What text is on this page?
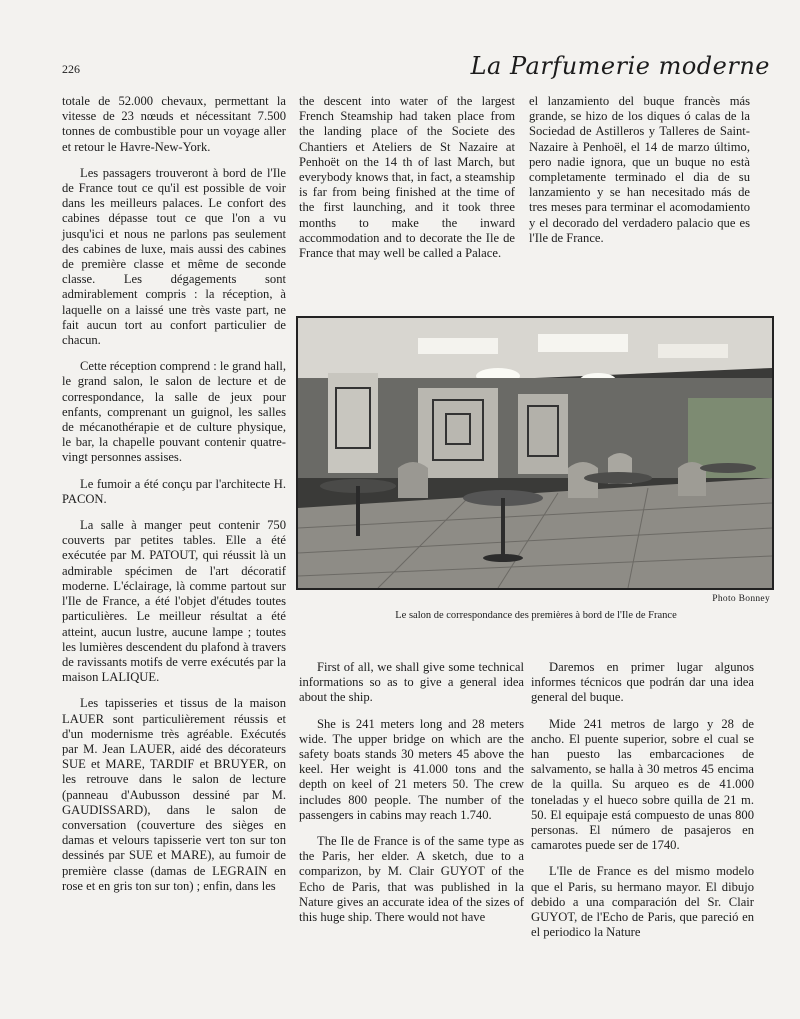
226	La Parfumerie moderne

totale de 52.000 chevaux, permettant la vitesse de 23 nœuds et nécessitant 7.500 tonnes de combustible pour un voyage aller et retour le Havre-New-York.

Les passagers trouveront à bord de l'Ile de France tout ce qu'il est possible de voir dans les meilleurs palaces. Le confort des cabines dépasse tout ce que l'on a vu jusqu'ici et nous ne parlons pas seulement des cabines de luxe, mais aussi des cabines de première classe et même de seconde classe. Les dégagements sont admirablement compris : la réception, à laquelle on a laissé une très vaste part, ne fait aucun tort au confort particulier de chacun.

Cette réception comprend : le grand hall, le grand salon, le salon de lecture et de correspondance, la salle de jeux pour enfants, comprenant un guignol, les salles de mécanothérapie et de culture physique, le bar, la chapelle pouvant contenir quatre-vingt personnes assises.

Le fumoir a été conçu par l'architecte H. PACON.

La salle à manger peut contenir 750 couverts par petites tables. Elle a été exécutée par M. PATOUT, qui réussit là un admirable spécimen de l'art décoratif moderne. L'éclairage, là comme partout sur l'Ile de France, a été l'objet d'études toutes particulières. Le meilleur résultat a été atteint, aucun lustre, aucune lampe ; toutes les lumières descendent du plafond à travers de ravissants motifs de verre exécutés par la maison LALIQUE.

Les tapisseries et tissus de la maison LAUER sont particulièrement réussis et d'un modernisme très agréable. Exécutés par M. Jean LAUER, aidé des décorateurs SUE et MARE, TARDIF et BRUYER, on les retrouve dans le salon de lecture (panneau d'Aubusson dessiné par M. GAUDISSARD), dans le salon de conversation (couverture des sièges en damas et velours tapisserie vert ton sur ton dessinés par SUE et MARE), au fumoir de première classe (damas de LEGRAIN en rose et en gris ton sur ton) ; enfin, dans les

the descent into water of the largest French Steamship had taken place from the landing place of the Societe des Chantiers et Ateliers de St Nazaire at Penhoët on the 14 th of last March, but everybody knows that, in fact, a steamship is far from being finished at the time of the first launching, and it took three months to make the inward accommodation and to decorate the Ile de France that may well be called a Palace.

el lanzamiento del buque francès más grande, se hizo de los diques ó calas de la Sociedad de Astilleros y Talleres de Saint-Nazaire à Penhoël, el 14 de marzo último, pero nadie ignora, que un buque no està completamente terminado el dia de su lanzamiento y se han necesitado más de tres meses para terminar el acomodamiento y el decorado del verdadero palacio que es l'Ile de France.

Photo Bonney
Le salon de correspondance des premières à bord de l'Ile de France

First of all, we shall give some technical informations so as to give a general idea about the ship.

She is 241 meters long and 28 meters wide. The upper bridge on which are the safety boats stands 30 meters 45 above the keel. Her weight is 41.000 tons and the depth on keel of 21 meters 50. The crew includes 800 people. The number of the passengers in cabins may reach 1.740.

The Ile de France is of the same type as the Paris, her elder. A sketch, due to a comparizon, by M. Clair GUYOT of the Echo de Paris, that was published in la Nature gives an accurate idea of the sizes of this huge ship. There would not have

Daremos en primer lugar algunos informes técnicos que podrán dar una idea general del buque.

Mide 241 metros de largo y 28 de ancho. El puente superior, sobre el cual se han puesto las embarcaciones de salvamento, se halla à 30 metros 45 encima de la quilla. Su arqueo es de 41.000 toneladas y el hueco sobre quilla de 21 m. 50. El equipaje está compuesto de unas 800 personas. El número de pasajeros en camarotes puede ser de 1740.

L'Ile de France es del mismo modelo que el Paris, su hermano mayor. El dibujo debido a una comparación del Sr. Clair GUYOT, de l'Echo de Paris, que pareció en el periodico la Nature
